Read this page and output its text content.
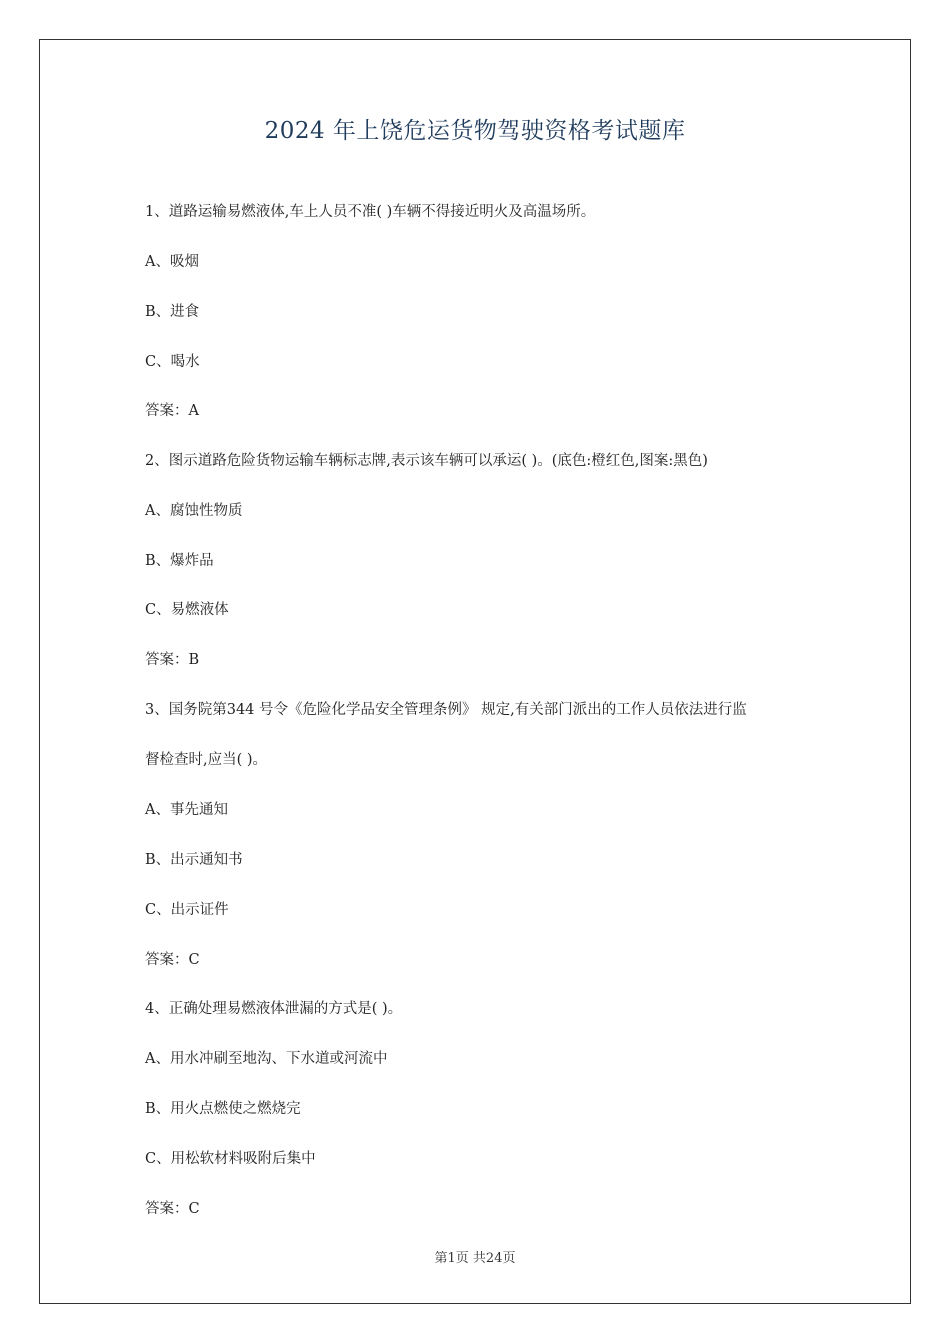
2024 年上饶危运货物驾驶资格考试题库
1、道路运输易燃液体,车上人员不准( )车辆不得接近明火及高温场所。
A、吸烟
B、进食
C、喝水
答案：A
2、图示道路危险货物运输车辆标志牌,表示该车辆可以承运( )。(底色:橙红色,图案:黑色)
A、腐蚀性物质
B、爆炸品
C、易燃液体
答案：B
3、国务院第344 号令《危险化学品安全管理条例》 规定,有关部门派出的工作人员依法进行监
督检查时,应当( )。
A、事先通知
B、出示通知书
C、出示证件
答案：C
4、正确处理易燃液体泄漏的方式是( )。
A、用水冲刷至地沟、下水道或河流中
B、用火点燃使之燃烧完
C、用松软材料吸附后集中
答案：C
第1页 共24页
